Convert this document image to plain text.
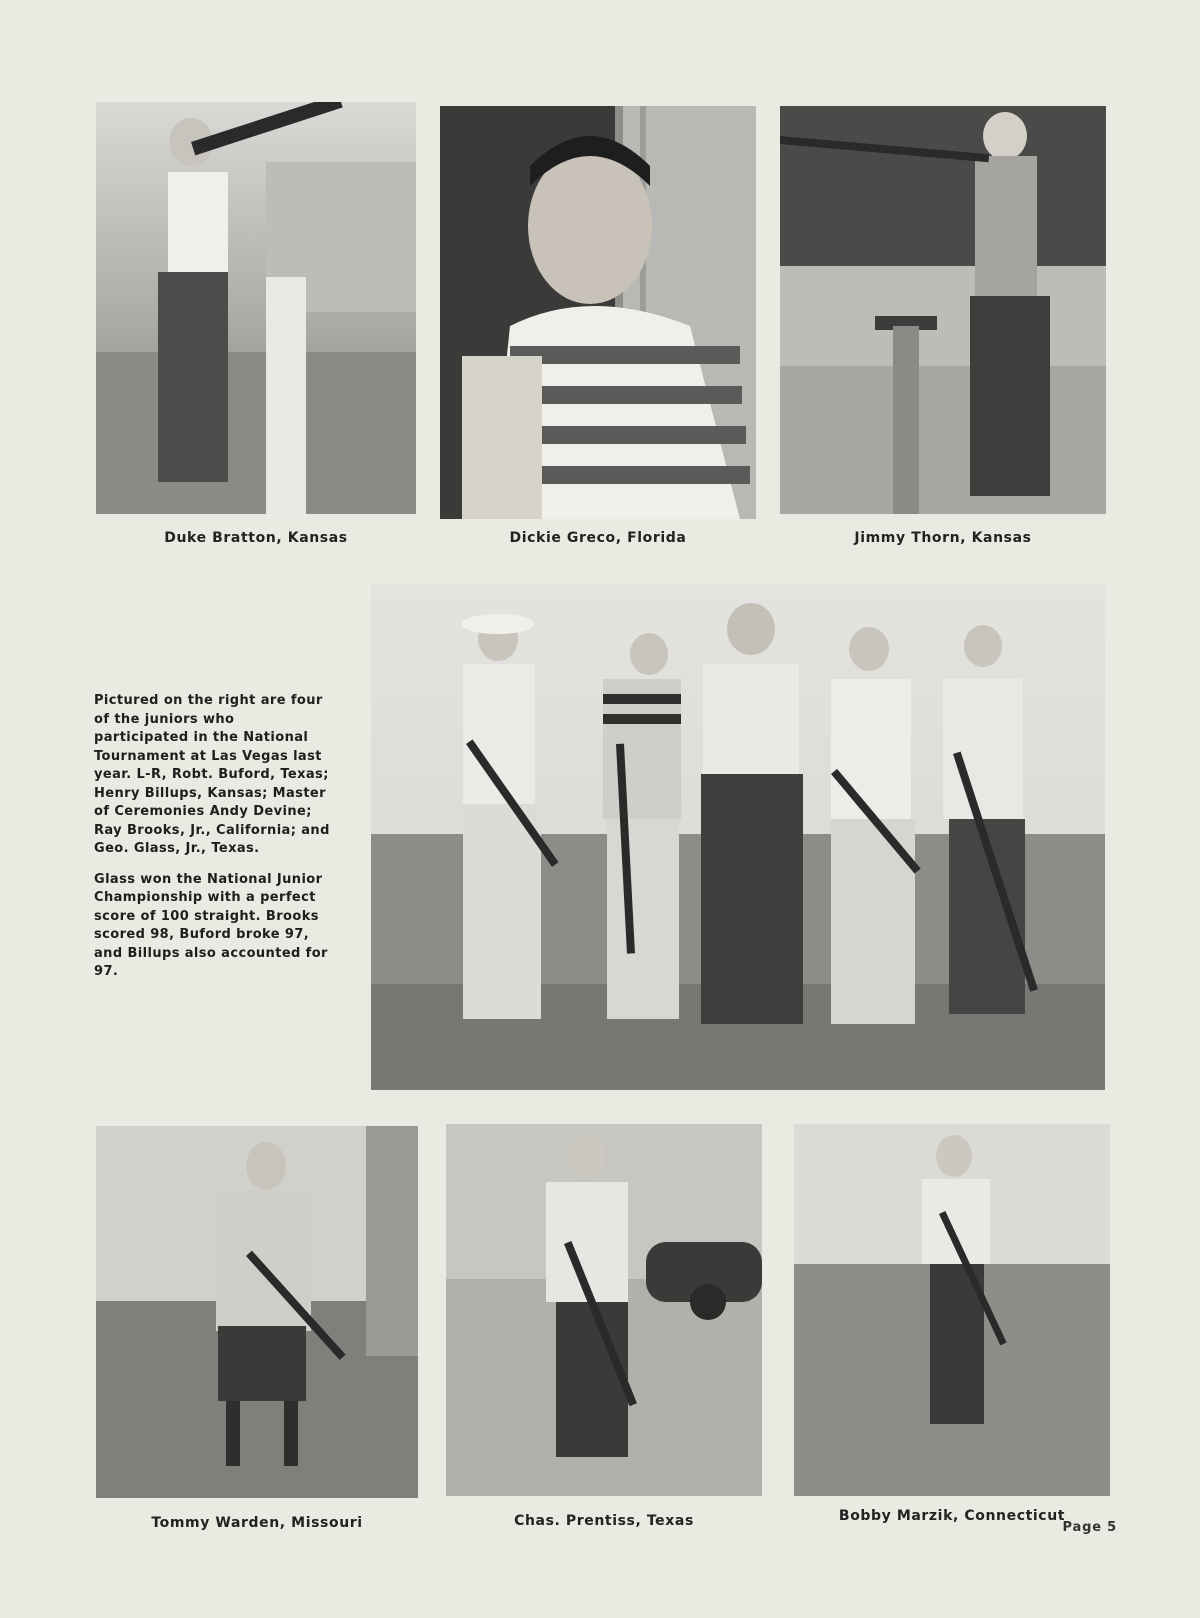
Duke Bratton, Kansas	Dickie Greco, Florida	Jimmy Thorn, Kansas

Pictured on the right are four of the juniors who participated in the National Tournament at Las Vegas last year. L-R, Robt. Buford, Texas; Henry Billups, Kansas; Master of Ceremonies Andy Devine; Ray Brooks, Jr., California; and Geo. Glass, Jr., Texas.

Glass won the National Junior Championship with a perfect score of 100 straight. Brooks scored 98, Buford broke 97, and Billups also accounted for 97.

Tommy Warden, Missouri	Chas. Prentiss, Texas	Bobby Marzik, Connecticut
Page 5
